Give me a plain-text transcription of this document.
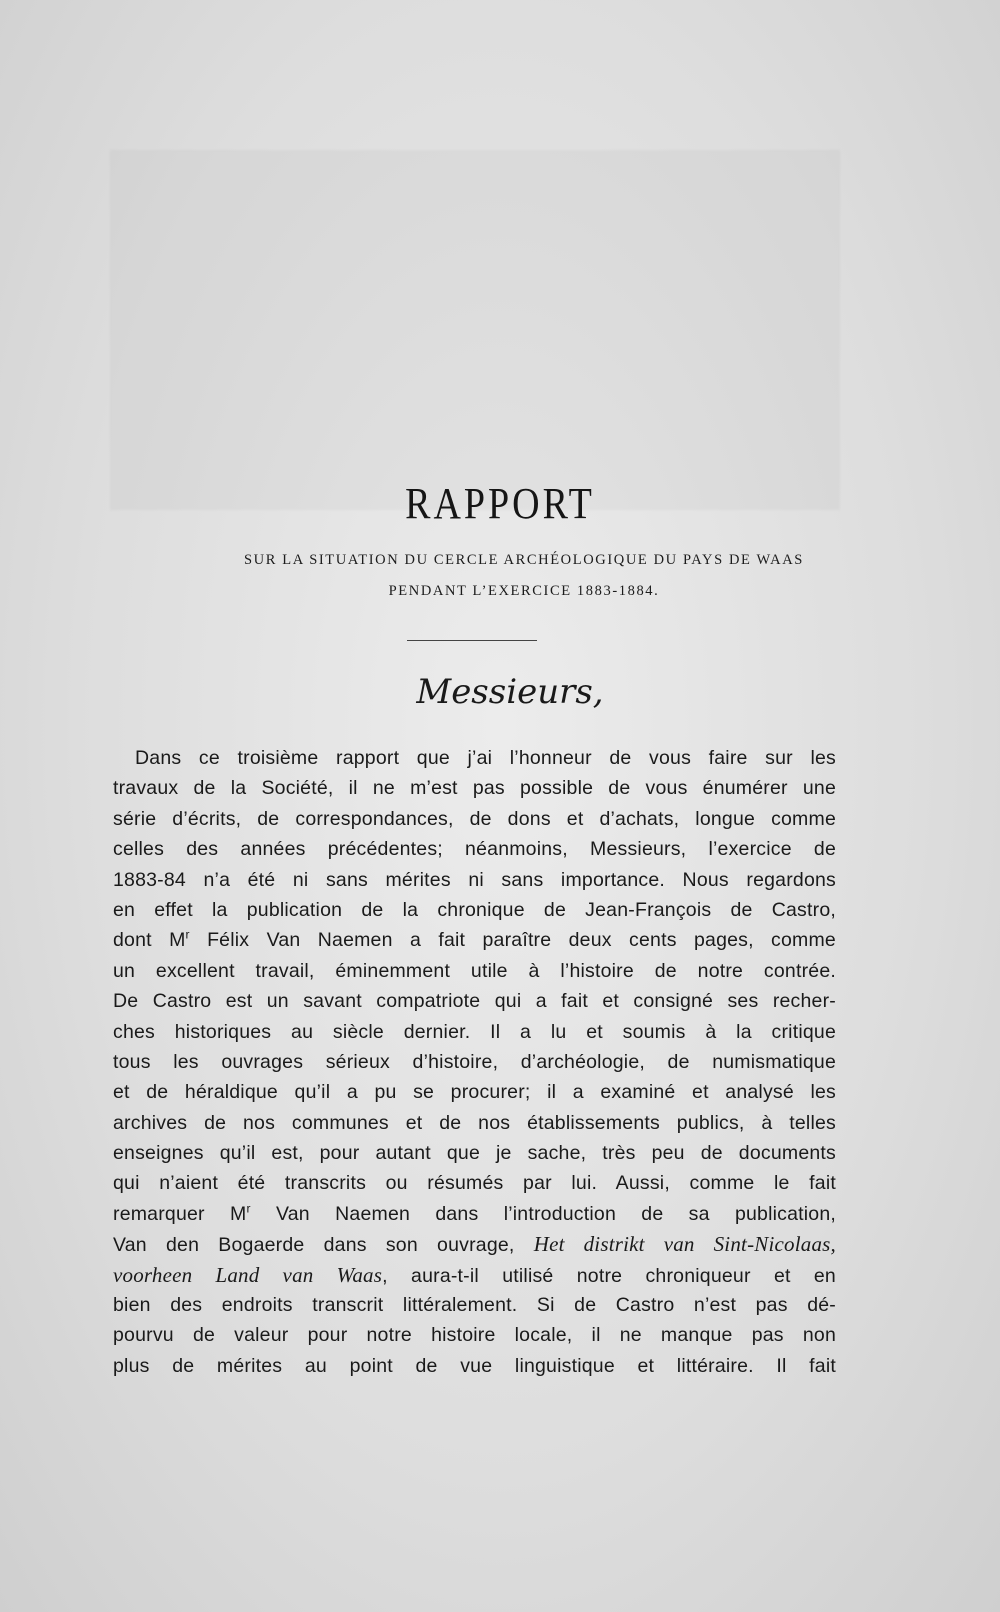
RAPPORT
SUR LA SITUATION DU CERCLE ARCHÉOLOGIQUE DU PAYS DE WAAS
PENDANT L’EXERCICE 1883-1884.
Messieurs,
Dans ce troisième rapport que j’ai l’honneur de vous faire sur les
travaux de la Société, il ne m’est pas possible de vous énumérer une
série d’écrits, de correspondances, de dons et d’achats, longue comme
celles des années précédentes; néanmoins, Messieurs, l’exercice de
1883-84 n’a été ni sans mérites ni sans importance. Nous regardons
en effet la publication de la chronique de Jean-François de Castro,
dont $M^r$ Félix Van Naemen a fait paraître deux cents pages, comme
un excellent travail, éminemment utile à l’histoire de notre contrée.
De Castro est un savant compatriote qui a fait et consigné ses recher-
ches historiques au siècle dernier. Il a lu et soumis à la critique
tous les ouvrages sérieux d’histoire, d’archéologie, de numismatique
et de héraldique qu’il a pu se procurer; il a examiné et analysé les
archives de nos communes et de nos établissements publics, à telles
enseignes qu’il est, pour autant que je sache, très peu de documents
qui n’aient été transcrits ou résumés par lui. Aussi, comme le fait
remarquer $M^r$ Van Naemen dans l’introduction de sa publication,
Van den Bogaerde dans son ouvrage, Het distrikt van Sint-Nicolaas,
voorheen Land van Waas, aura-t-il utilisé notre chroniqueur et en
bien des endroits transcrit littéralement. Si de Castro n’est pas dé-
pourvu de valeur pour notre histoire locale, il ne manque pas non
plus de mérites au point de vue linguistique et littéraire. Il fait
